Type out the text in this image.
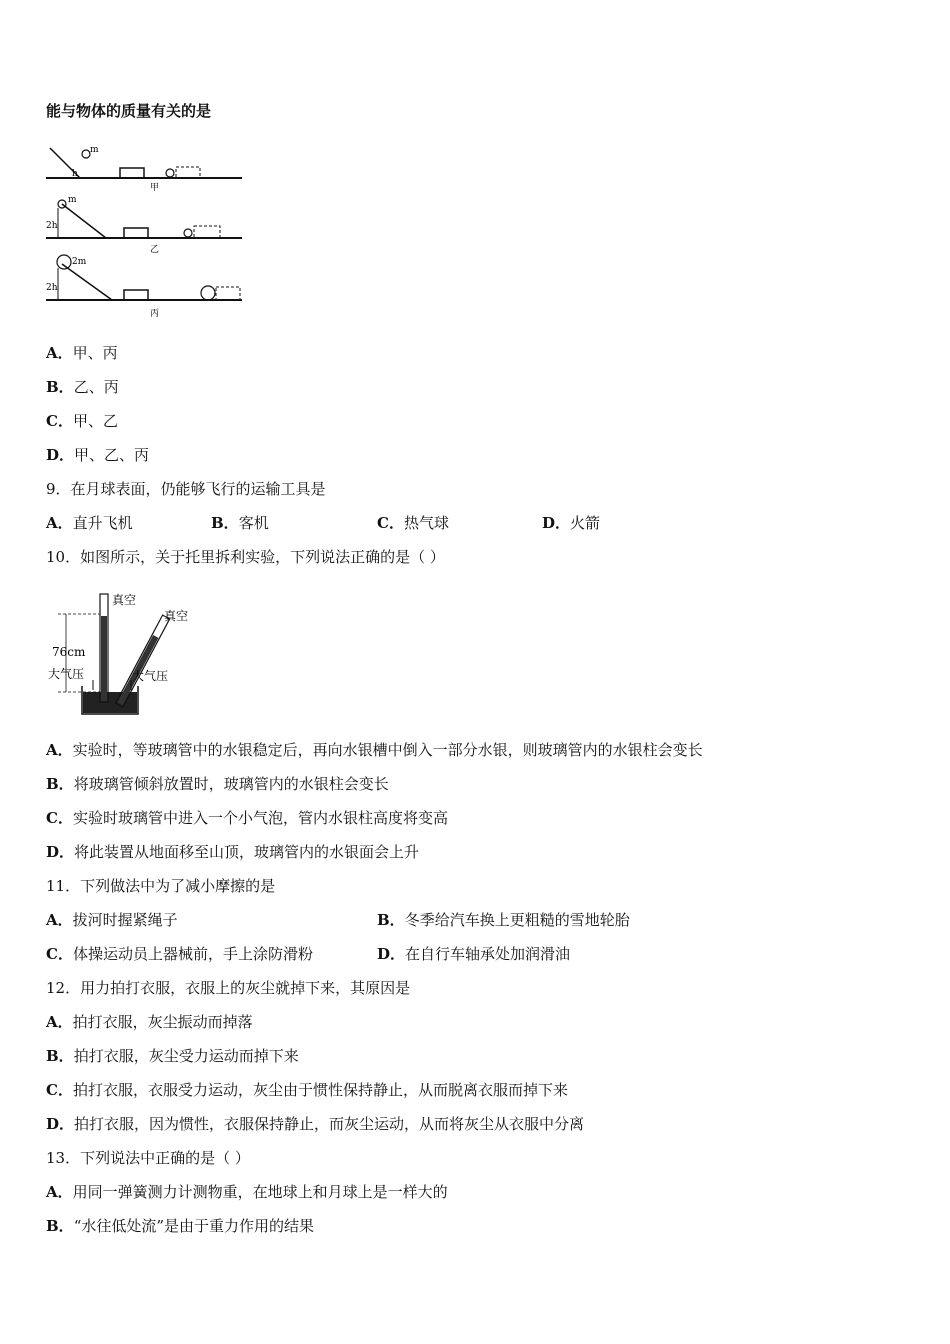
能与物体的质量有关的是
m
h
甲
m
2h
乙
2m
2h
丙
A．甲、丙
B．乙、丙
C．甲、乙
D．甲、乙、丙
9．在月球表面，仍能够飞行的运输工具是
A．直升飞机	B．客机	C．热气球	D．火箭
10．如图所示，关于托里拆利实验，下列说法正确的是（ ）
真空
真空
76cm
大气压	大气压
A．实验时，等玻璃管中的水银稳定后，再向水银槽中倒入一部分水银，则玻璃管内的水银柱会变长
B．将玻璃管倾斜放置时，玻璃管内的水银柱会变长
C．实验时玻璃管中进入一个小气泡，管内水银柱高度将变高
D．将此装置从地面移至山顶，玻璃管内的水银面会上升
11．下列做法中为了减小摩擦的是
A．拔河时握紧绳子	B．冬季给汽车换上更粗糙的雪地轮胎
C．体操运动员上器械前，手上涂防滑粉	D．在自行车轴承处加润滑油
12．用力拍打衣服，衣服上的灰尘就掉下来，其原因是
A．拍打衣服，灰尘振动而掉落
B．拍打衣服，灰尘受力运动而掉下来
C．拍打衣服，衣服受力运动，灰尘由于惯性保持静止，从而脱离衣服而掉下来
D．拍打衣服，因为惯性，衣服保持静止，而灰尘运动，从而将灰尘从衣服中分离
13．下列说法中正确的是（ ）
A．用同一弹簧测力计测物重，在地球上和月球上是一样大的
B．“水往低处流”是由于重力作用的结果
